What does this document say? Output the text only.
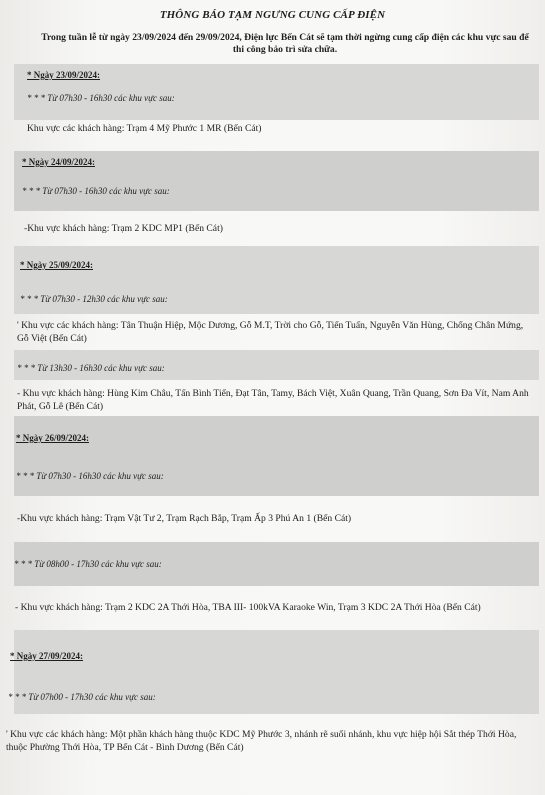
THÔNG BÁO TẠM NGƯNG CUNG CẤP ĐIỆN
Trong tuần lễ từ ngày 23/09/2024 đến 29/09/2024, Điện lực Bến Cát sẽ tạm thời ngừng cung cấp điện các khu vực sau để thi công bảo trì sửa chữa.
* Ngày 23/09/2024:
* * * Từ 07h30 - 16h30 các khu vực sau:
Khu vực các khách hàng: Trạm 4 Mỹ Phước 1 MR (Bến Cát)
* Ngày 24/09/2024:
* * * Từ 07h30 - 16h30 các khu vực sau:
-Khu vực khách hàng: Trạm 2 KDC MP1 (Bến Cát)
* Ngày 25/09/2024:
* * * Từ 07h30 - 12h30 các khu vực sau:
' Khu vực các khách hàng: Tân Thuận Hiệp, Mộc Dương, Gỗ M.T, Trời cho Gỗ, Tiến Tuấn, Nguyễn Văn Hùng, Chống Chân Mứng, Gỗ Việt (Bến Cát)
* * * Từ 13h30 - 16h30 các khu vực sau:
- Khu vực khách hàng: Hùng Kim Châu, Tấn Bình Tiến, Đạt Tân, Tamy, Bách Việt, Xuân Quang, Trần Quang, Sơn Đa Vít, Nam Anh Phát, Gỗ Lê (Bến Cát)
* Ngày 26/09/2024:
* * * Từ 07h30 - 16h30 các khu vực sau:
-Khu vực khách hàng: Trạm Vật Tư 2, Trạm Rạch Bắp, Trạm Ấp 3 Phú An 1 (Bến Cát)
* * * Từ 08h00 - 17h30 các khu vực sau:
- Khu vực khách hàng: Trạm 2 KDC 2A Thới Hòa, TBA III- 100kVA Karaoke Win, Trạm 3 KDC 2A Thới Hòa (Bến Cát)
* Ngày 27/09/2024:
* * * Từ 07h00 - 17h30 các khu vực sau:
' Khu vực các khách hàng: Một phần khách hàng thuộc KDC Mỹ Phước 3, nhánh rẽ suối nhánh, khu vực hiệp hội Sắt thép Thới Hòa, thuộc Phường Thới Hòa, TP Bến Cát - Bình Dương (Bến Cát)
